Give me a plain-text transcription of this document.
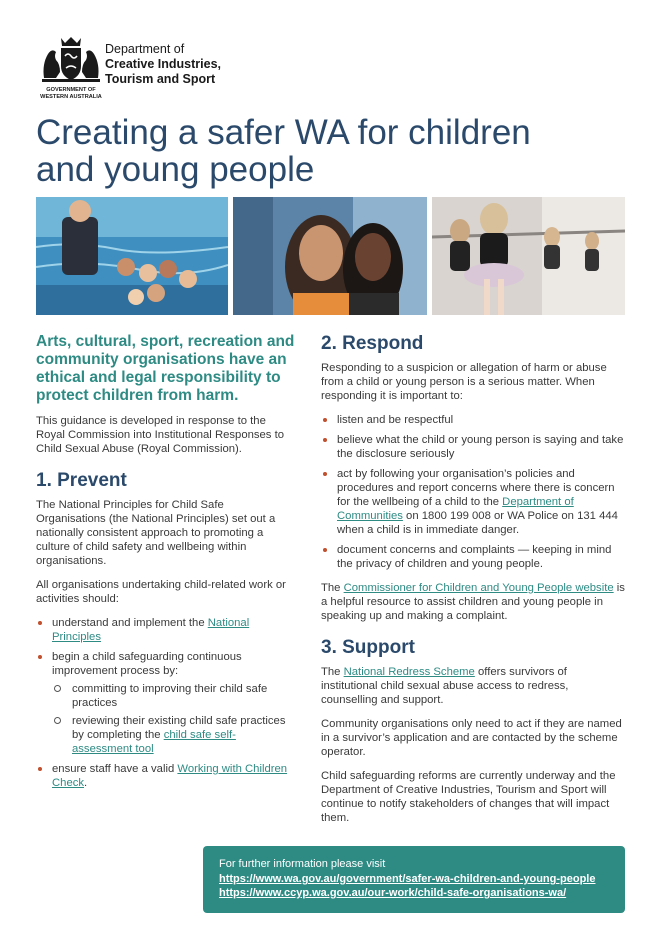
GOVERNMENT OF
WESTERN AUSTRALIA
Department of
Creative Industries,
Tourism and Sport
Creating a safer WA for children and young people
Arts, cultural, sport, recreation and community organisations have an ethical and legal responsibility to protect children from harm.

This guidance is developed in response to the Royal Commission into Institutional Responses to Child Sexual Abuse (Royal Commission).

1. Prevent

The National Principles for Child Safe Organisations (the National Principles) set out a nationally consistent approach to promoting a culture of child safety and wellbeing within organisations.

All organisations undertaking child-related work or activities should:

understand and implement the National Principles
begin a child safeguarding continuous improvement process by:
committing to improving their child safe practices
reviewing their existing child safe practices by completing the child safe self-assessment tool
ensure staff have a valid Working with Children Check.
2. Respond

Responding to a suspicion or allegation of harm or abuse from a child or young person is a serious matter. When responding it is important to:

listen and be respectful
believe what the child or young person is saying and take the disclosure seriously
act by following your organisation’s policies and procedures and report concerns where there is concern for the wellbeing of a child to the Department of Communities on 1800 199 008 or WA Police on 131 444 when a child is in immediate danger.
document concerns and complaints — keeping in mind the privacy of children and young people.

The Commissioner for Children and Young People website is a helpful resource to assist children and young people in speaking up and making a complaint.

3. Support

The National Redress Scheme offers survivors of institutional child sexual abuse access to redress, counselling and support.

Community organisations only need to act if they are named in a survivor’s application and are contacted by the scheme operator.

Child safeguarding reforms are currently underway and the Department of Creative Industries, Tourism and Sport will continue to notify stakeholders of changes that will impact them.

For further information please visit
https://www.wa.gov.au/government/safer-wa-children-and-young-people
https://www.ccyp.wa.gov.au/our-work/child-safe-organisations-wa/
